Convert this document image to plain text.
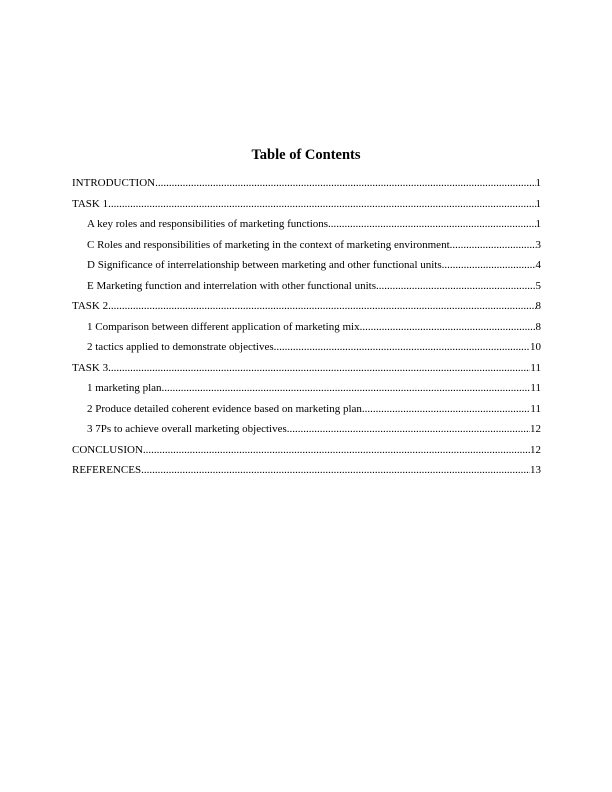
Table of Contents
INTRODUCTION .....	1
TASK 1 .....	1
A key roles and responsibilities of marketing functions .....	1
C Roles and responsibilities of marketing in the context of marketing environment .....	3
D Significance of interrelationship between marketing and other functional units .....	4
E Marketing function and interrelation with other functional units .....	5
TASK 2 .....	8
1 Comparison between different application of marketing mix .....	8
2 tactics applied to demonstrate objectives .....	10
TASK 3 .....	11
1 marketing plan .....	11
2 Produce detailed coherent evidence based on marketing plan .....	11
3 7Ps to achieve overall marketing objectives .....	12
CONCLUSION .....	12
REFERENCES .....	13
